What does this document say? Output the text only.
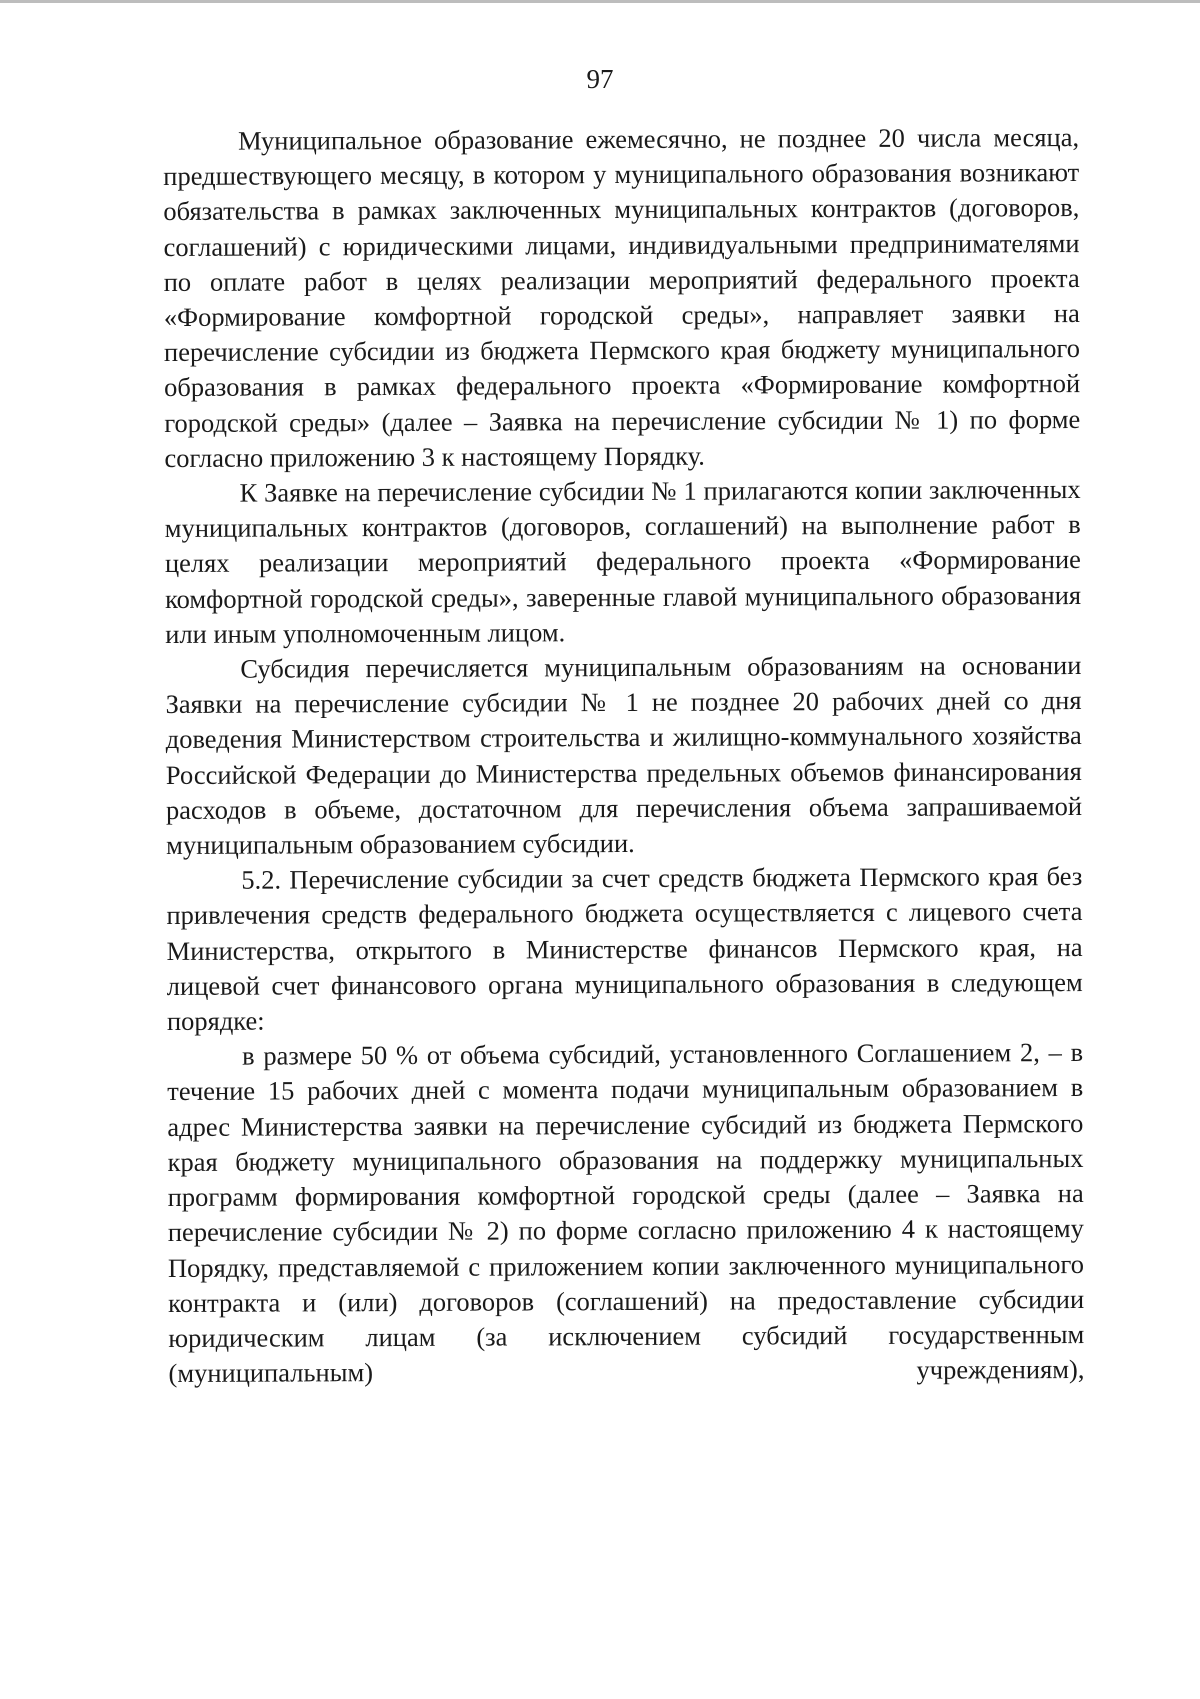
97

Муниципальное образование ежемесячно, не позднее 20 числа месяца, предшествующего месяцу, в котором у муниципального образования возникают обязательства в рамках заключенных муниципальных контрактов (договоров, соглашений) с юридическими лицами, индивидуальными предпринимателями по оплате работ в целях реализации мероприятий федерального проекта «Формирование комфортной городской среды», направляет заявки на перечисление субсидии из бюджета Пермского края бюджету муниципального образования в рамках федерального проекта «Формирование комфортной городской среды» (далее – Заявка на перечисление субсидии № 1) по форме согласно приложению 3 к настоящему Порядку.

К Заявке на перечисление субсидии № 1 прилагаются копии заключенных муниципальных контрактов (договоров, соглашений) на выполнение работ в целях реализации мероприятий федерального проекта «Формирование комфортной городской среды», заверенные главой муниципального образования или иным уполномоченным лицом.

Субсидия перечисляется муниципальным образованиям на основании Заявки на перечисление субсидии № 1 не позднее 20 рабочих дней со дня доведения Министерством строительства и жилищно-коммунального хозяйства Российской Федерации до Министерства предельных объемов финансирования расходов в объеме, достаточном для перечисления объема запрашиваемой муниципальным образованием субсидии.

5.2. Перечисление субсидии за счет средств бюджета Пермского края без привлечения средств федерального бюджета осуществляется с лицевого счета Министерства, открытого в Министерстве финансов Пермского края, на лицевой счет финансового органа муниципального образования в следующем порядке:

в размере 50 % от объема субсидий, установленного Соглашением 2, – в течение 15 рабочих дней с момента подачи муниципальным образованием в адрес Министерства заявки на перечисление субсидий из бюджета Пермского края бюджету муниципального образования на поддержку муниципальных программ формирования комфортной городской среды (далее – Заявка на перечисление субсидии № 2) по форме согласно приложению 4 к настоящему Порядку, представляемой с приложением копии заключенного муниципального контракта и (или) договоров (соглашений) на предоставление субсидии юридическим лицам (за исключением субсидий государственным (муниципальным) учреждениям),
